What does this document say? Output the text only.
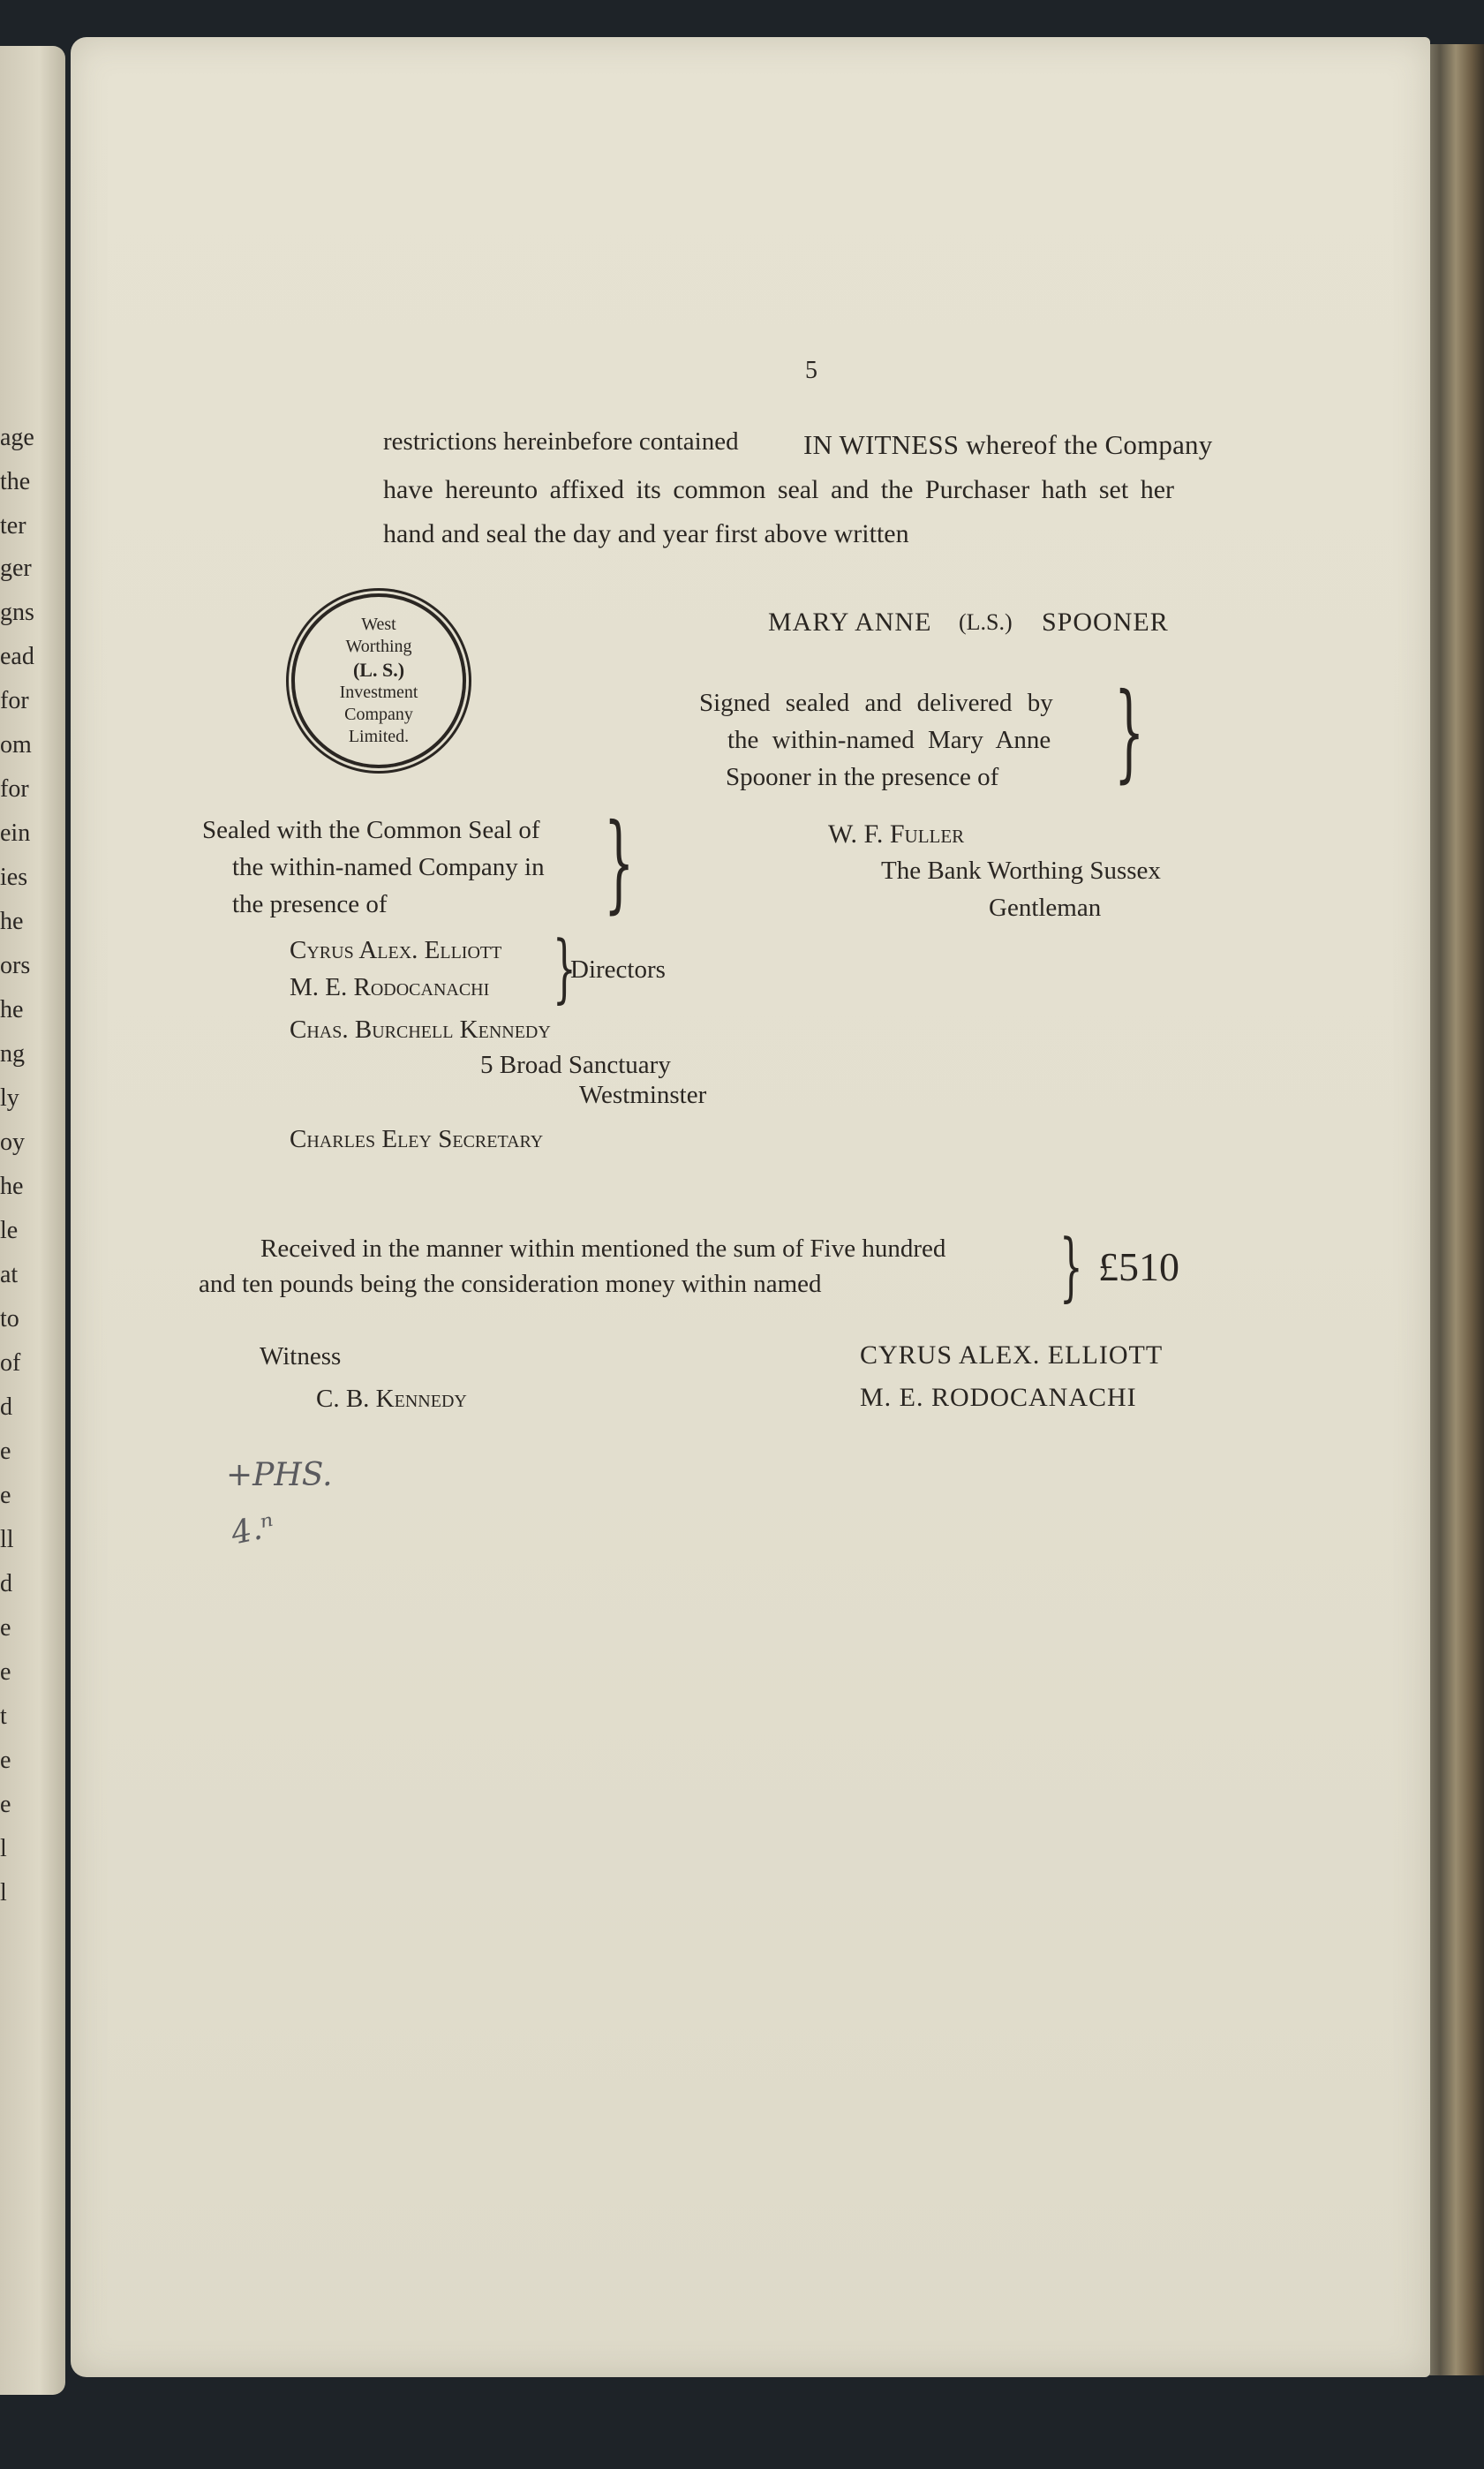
age
the
ter
ger
gns
ead
for
om
for
ein
ies
he
ors
he
ng
ly
oy
he
le
at
to
of
d
e
e
ll
d
e
e
t
e
e
l
l
5
restrictions hereinbefore contained IN WITNESS whereof the Company
have hereunto affixed its common seal and the Purchaser hath set her
hand and seal the day and year first above written
West
Worthing
(L. S.)
Investment
Company
Limited.
MARY ANNE (L.S.) SPOONER
Signed sealed and delivered by
the within-named Mary Anne
Spooner in the presence of }
W. F. Fuller
The Bank Worthing Sussex
Gentleman
Sealed with the Common Seal of
the within-named Company in
the presence of }
Cyrus Alex. Elliott
M. E. Rodocanachi }
Directors
Chas. Burchell Kennedy
5 Broad Sanctuary
Westminster
Charles Eley Secretary
Received in the manner within mentioned the sum of Five hundred
and ten pounds being the consideration money within named	} £510
Witness
C. B. Kennedy
CYRUS ALEX. ELLIOTT
M. E. RODOCANACHI
+PHS.
4.ⁿ
